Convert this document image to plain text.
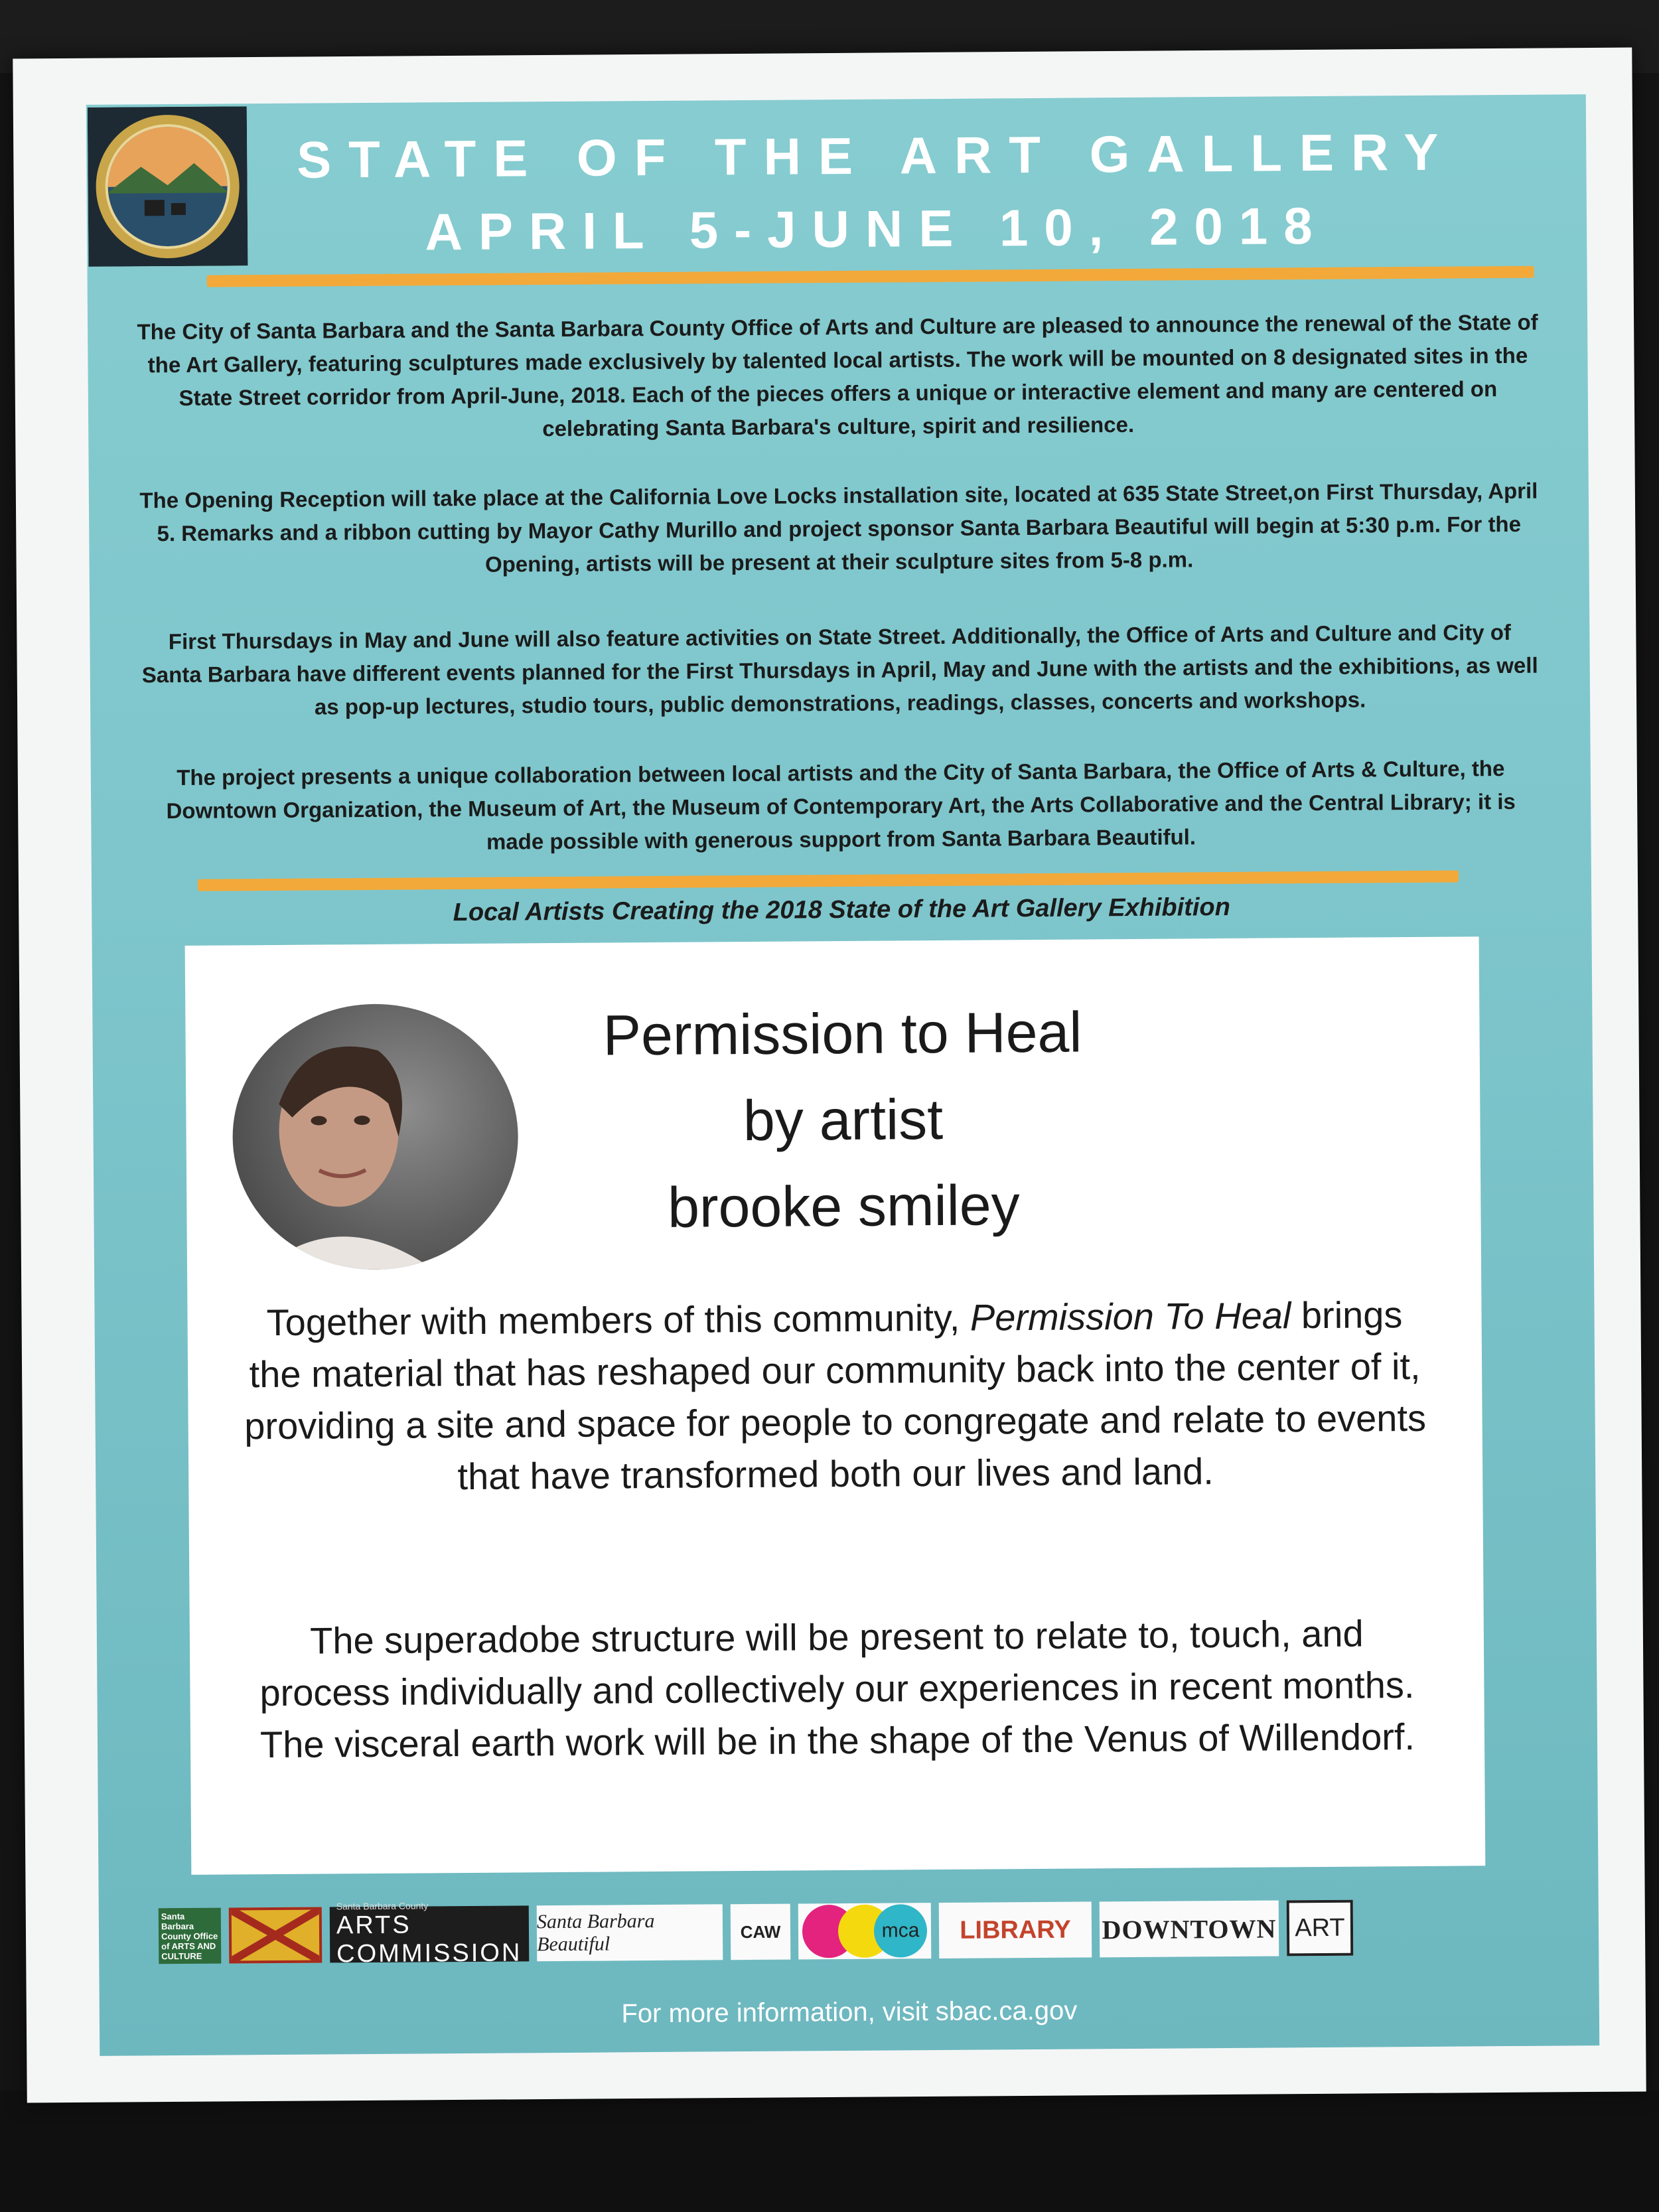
STATE OF THE ART GALLERY
APRIL 5-JUNE 10, 2018
The City of Santa Barbara and the Santa Barbara County Office of Arts and Culture are pleased to announce the renewal of the State of the Art Gallery, featuring sculptures made exclusively by talented local artists. The work will be mounted on 8 designated sites in the State Street corridor from April-June, 2018. Each of the pieces offers a unique or interactive element and many are centered on celebrating Santa Barbara's culture, spirit and resilience.
The Opening Reception will take place at the California Love Locks installation site, located at 635 State Street,on First Thursday, April 5. Remarks and a ribbon cutting by Mayor Cathy Murillo and project sponsor Santa Barbara Beautiful will begin at 5:30 p.m. For the Opening, artists will be present at their sculpture sites from 5-8 p.m.
First Thursdays in May and June will also feature activities on State Street. Additionally, the Office of Arts and Culture and City of Santa Barbara have different events planned for the First Thursdays in April, May and June with the artists and the exhibitions, as well as pop-up lectures, studio tours, public demonstrations, readings, classes, concerts and workshops.
The project presents a unique collaboration between local artists and the City of Santa Barbara, the Office of Arts & Culture, the Downtown Organization, the Museum of Art, the Museum of Contemporary Art, the Arts Collaborative and the Central Library; it is made possible with generous support from Santa Barbara Beautiful.
Local Artists Creating the 2018 State of the Art Gallery Exhibition
Permission to Heal
by artist
brooke smiley
Together with members of this community, Permission To Heal brings the material that has reshaped our community back into the center of it, providing a site and space for people to congregate and relate to events that have transformed both our lives and land.
The superadobe structure will be present to relate to, touch, and process individually and collectively our experiences in recent months. The visceral earth work will be in the shape of the Venus of Willendorf.
Santa Barbara County Office of ARTS AND CULTURE
Santa Barbara County
ARTS COMMISSION
Santa Barbara Beautiful
CAW	mca	LIBRARY	DOWNTOWN ART
For more information, visit sbac.ca.gov
